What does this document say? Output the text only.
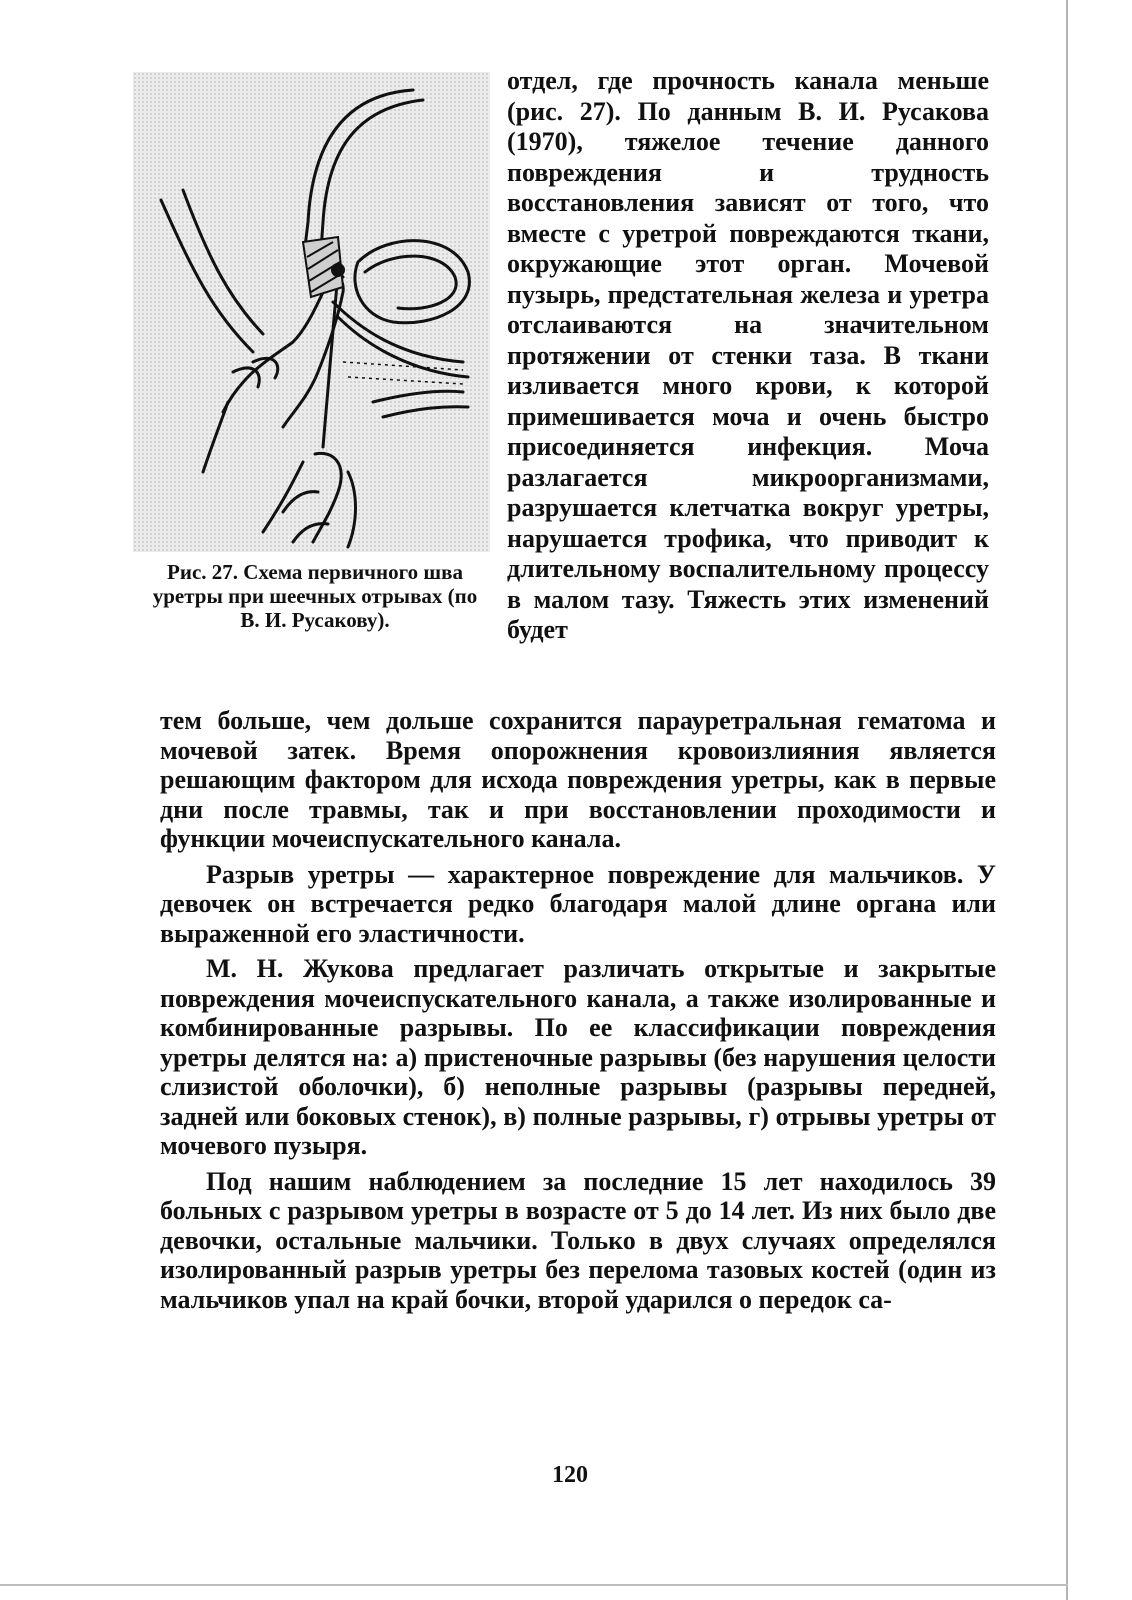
Рис. 27. Схема первичного шва уретры при шеечных отрывах (по В. И. Русакову).
отдел, где прочность канала меньше (рис. 27). По данным В. И. Русакова (1970), тяжелое течение данного повреждения и трудность восстановления зависят от того, что вместе с уретрой повреждаются ткани, окружающие этот орган. Мочевой пузырь, предстательная железа и уретра отслаиваются на значительном протяжении от стенки таза. В ткани изливается много крови, к которой примешивается моча и очень быстро присоединяется инфекция. Моча разлагается микроорганизмами, разрушается клетчатка вокруг уретры, нарушается трофика, что приводит к длительному воспалительному процессу в малом тазу. Тяжесть этих изменений будет

тем больше, чем дольше сохранится парауретральная гематома и мочевой затек. Время опорожнения кровоизлияния является решающим фактором для исхода повреждения уретры, как в первые дни после травмы, так и при восстановлении проходимости и функции мочеиспускательного канала.

Разрыв уретры — характерное повреждение для мальчиков. У девочек он встречается редко благодаря малой длине органа или выраженной его эластичности.

М. Н. Жукова предлагает различать открытые и закрытые повреждения мочеиспускательного канала, а также изолированные и комбинированные разрывы. По ее классификации повреждения уретры делятся на: а) пристеночные разрывы (без нарушения целости слизистой оболочки), б) неполные разрывы (разрывы передней, задней или боковых стенок), в) полные разрывы, г) отрывы уретры от мочевого пузыря.

Под нашим наблюдением за последние 15 лет находилось 39 больных с разрывом уретры в возрасте от 5 до 14 лет. Из них было две девочки, остальные мальчики. Только в двух случаях определялся изолированный разрыв уретры без перелома тазовых костей (один из мальчиков упал на край бочки, второй ударился о передок са-

120
